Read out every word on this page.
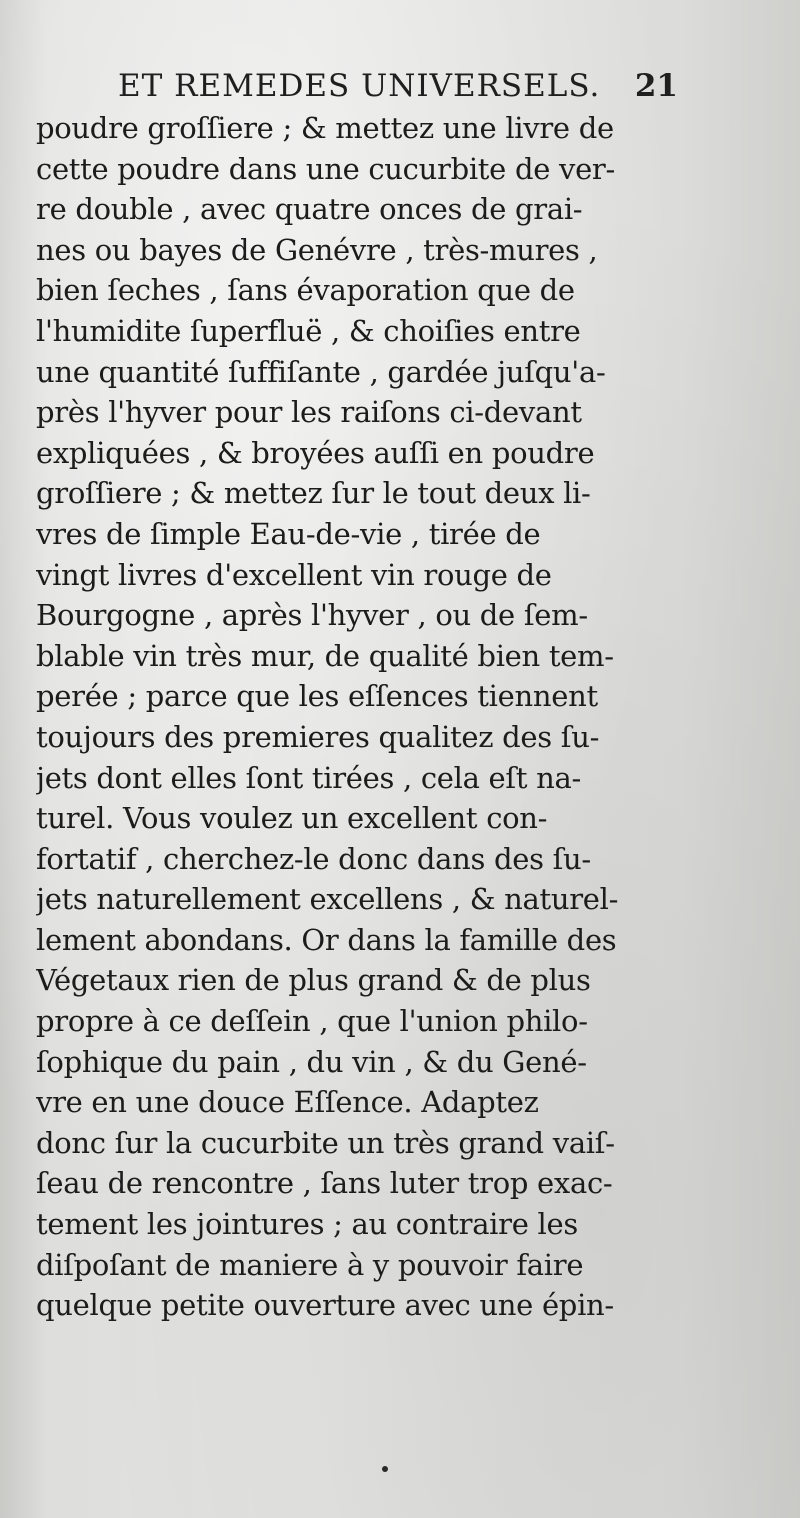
ET REMEDES UNIVERSELS. 21
poudre groſſiere ; & mettez une livre de
cette poudre dans une cucurbite de ver-
re double , avec quatre onces de grai-
nes ou bayes de Genévre , très-mures ,
bien ſeches , ſans évaporation que de
l'humidite ſuperfluë , & choiſies entre
une quantité ſuffiſante , gardée juſqu'a-
près l'hyver pour les raiſons ci-devant
expliquées , & broyées auſſi en poudre
groſſiere ; & mettez ſur le tout deux li-
vres de ſimple Eau-de-vie , tirée de
vingt livres d'excellent vin rouge de
Bourgogne , après l'hyver , ou de ſem-
blable vin très mur, de qualité bien tem-
perée ; parce que les eſſences tiennent
toujours des premieres qualitez des ſu-
jets dont elles ſont tirées , cela eſt na-
turel. Vous voulez un excellent con-
fortatif , cherchez-le donc dans des ſu-
jets naturellement excellens , & naturel-
lement abondans. Or dans la famille des
Végetaux rien de plus grand & de plus
propre à ce deſſein , que l'union philo-
ſophique du pain , du vin , & du Gené-
vre en une douce Eſſence. Adaptez
donc ſur la cucurbite un très grand vaiſ-
ſeau de rencontre , ſans luter trop exac-
tement les jointures ; au contraire les
diſpoſant de maniere à y pouvoir faire
quelque petite ouverture avec une épin-
